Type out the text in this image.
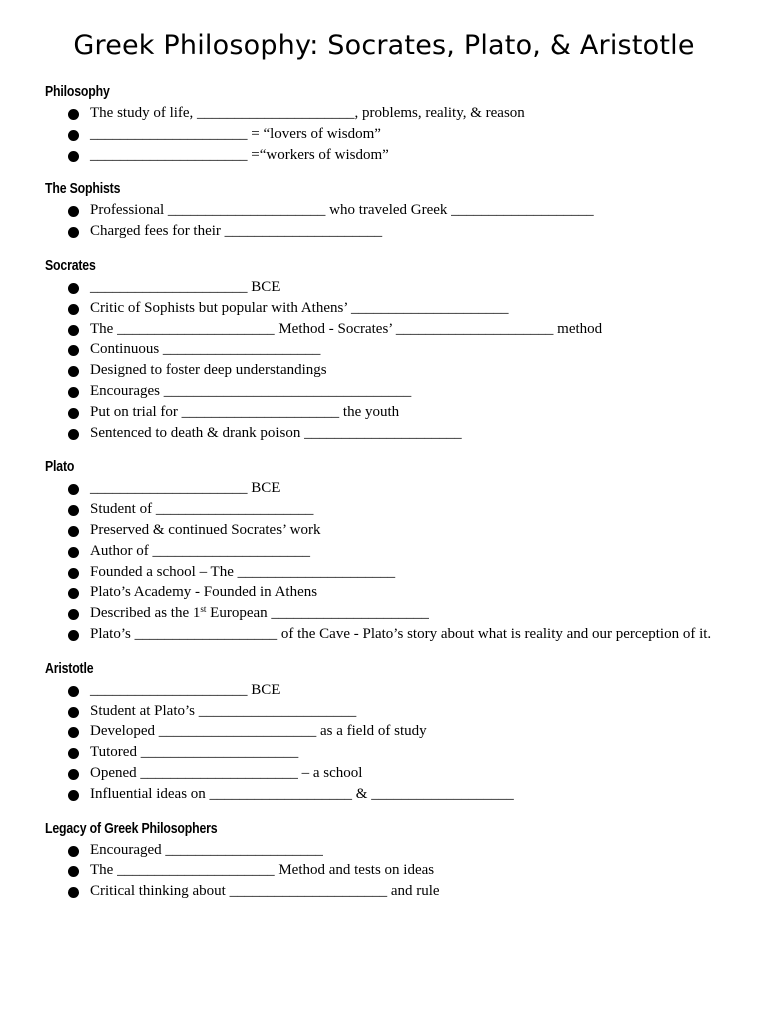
Greek Philosophy: Socrates, Plato, & Aristotle
Philosophy
The study of life, _____________________, problems, reality, & reason
_____________________ = “lovers of wisdom”
_____________________ =“workers of wisdom”
The Sophists
Professional _____________________ who traveled Greek ___________________
Charged fees for their _____________________
Socrates
_____________________ BCE
Critic of Sophists but popular with Athens’ _____________________
The _____________________ Method - Socrates’ _____________________ method
Continuous _____________________
Designed to foster deep understandings
Encourages _________________________________
Put on trial for _____________________ the youth
Sentenced to death & drank poison _____________________
Plato
_____________________ BCE
Student of _____________________
Preserved & continued Socrates’ work
Author of _____________________
Founded a school – The _____________________
Plato’s Academy - Founded in Athens
Described as the 1st European _____________________
Plato’s ___________________ of the Cave - Plato’s story about what is reality and our perception of it.
Aristotle
_____________________ BCE
Student at Plato’s _____________________
Developed _____________________ as a field of study
Tutored _____________________
Opened _____________________ – a school
Influential ideas on ___________________ & ___________________
Legacy of Greek Philosophers
Encouraged _____________________
The _____________________ Method and tests on ideas
Critical thinking about _____________________ and rule
